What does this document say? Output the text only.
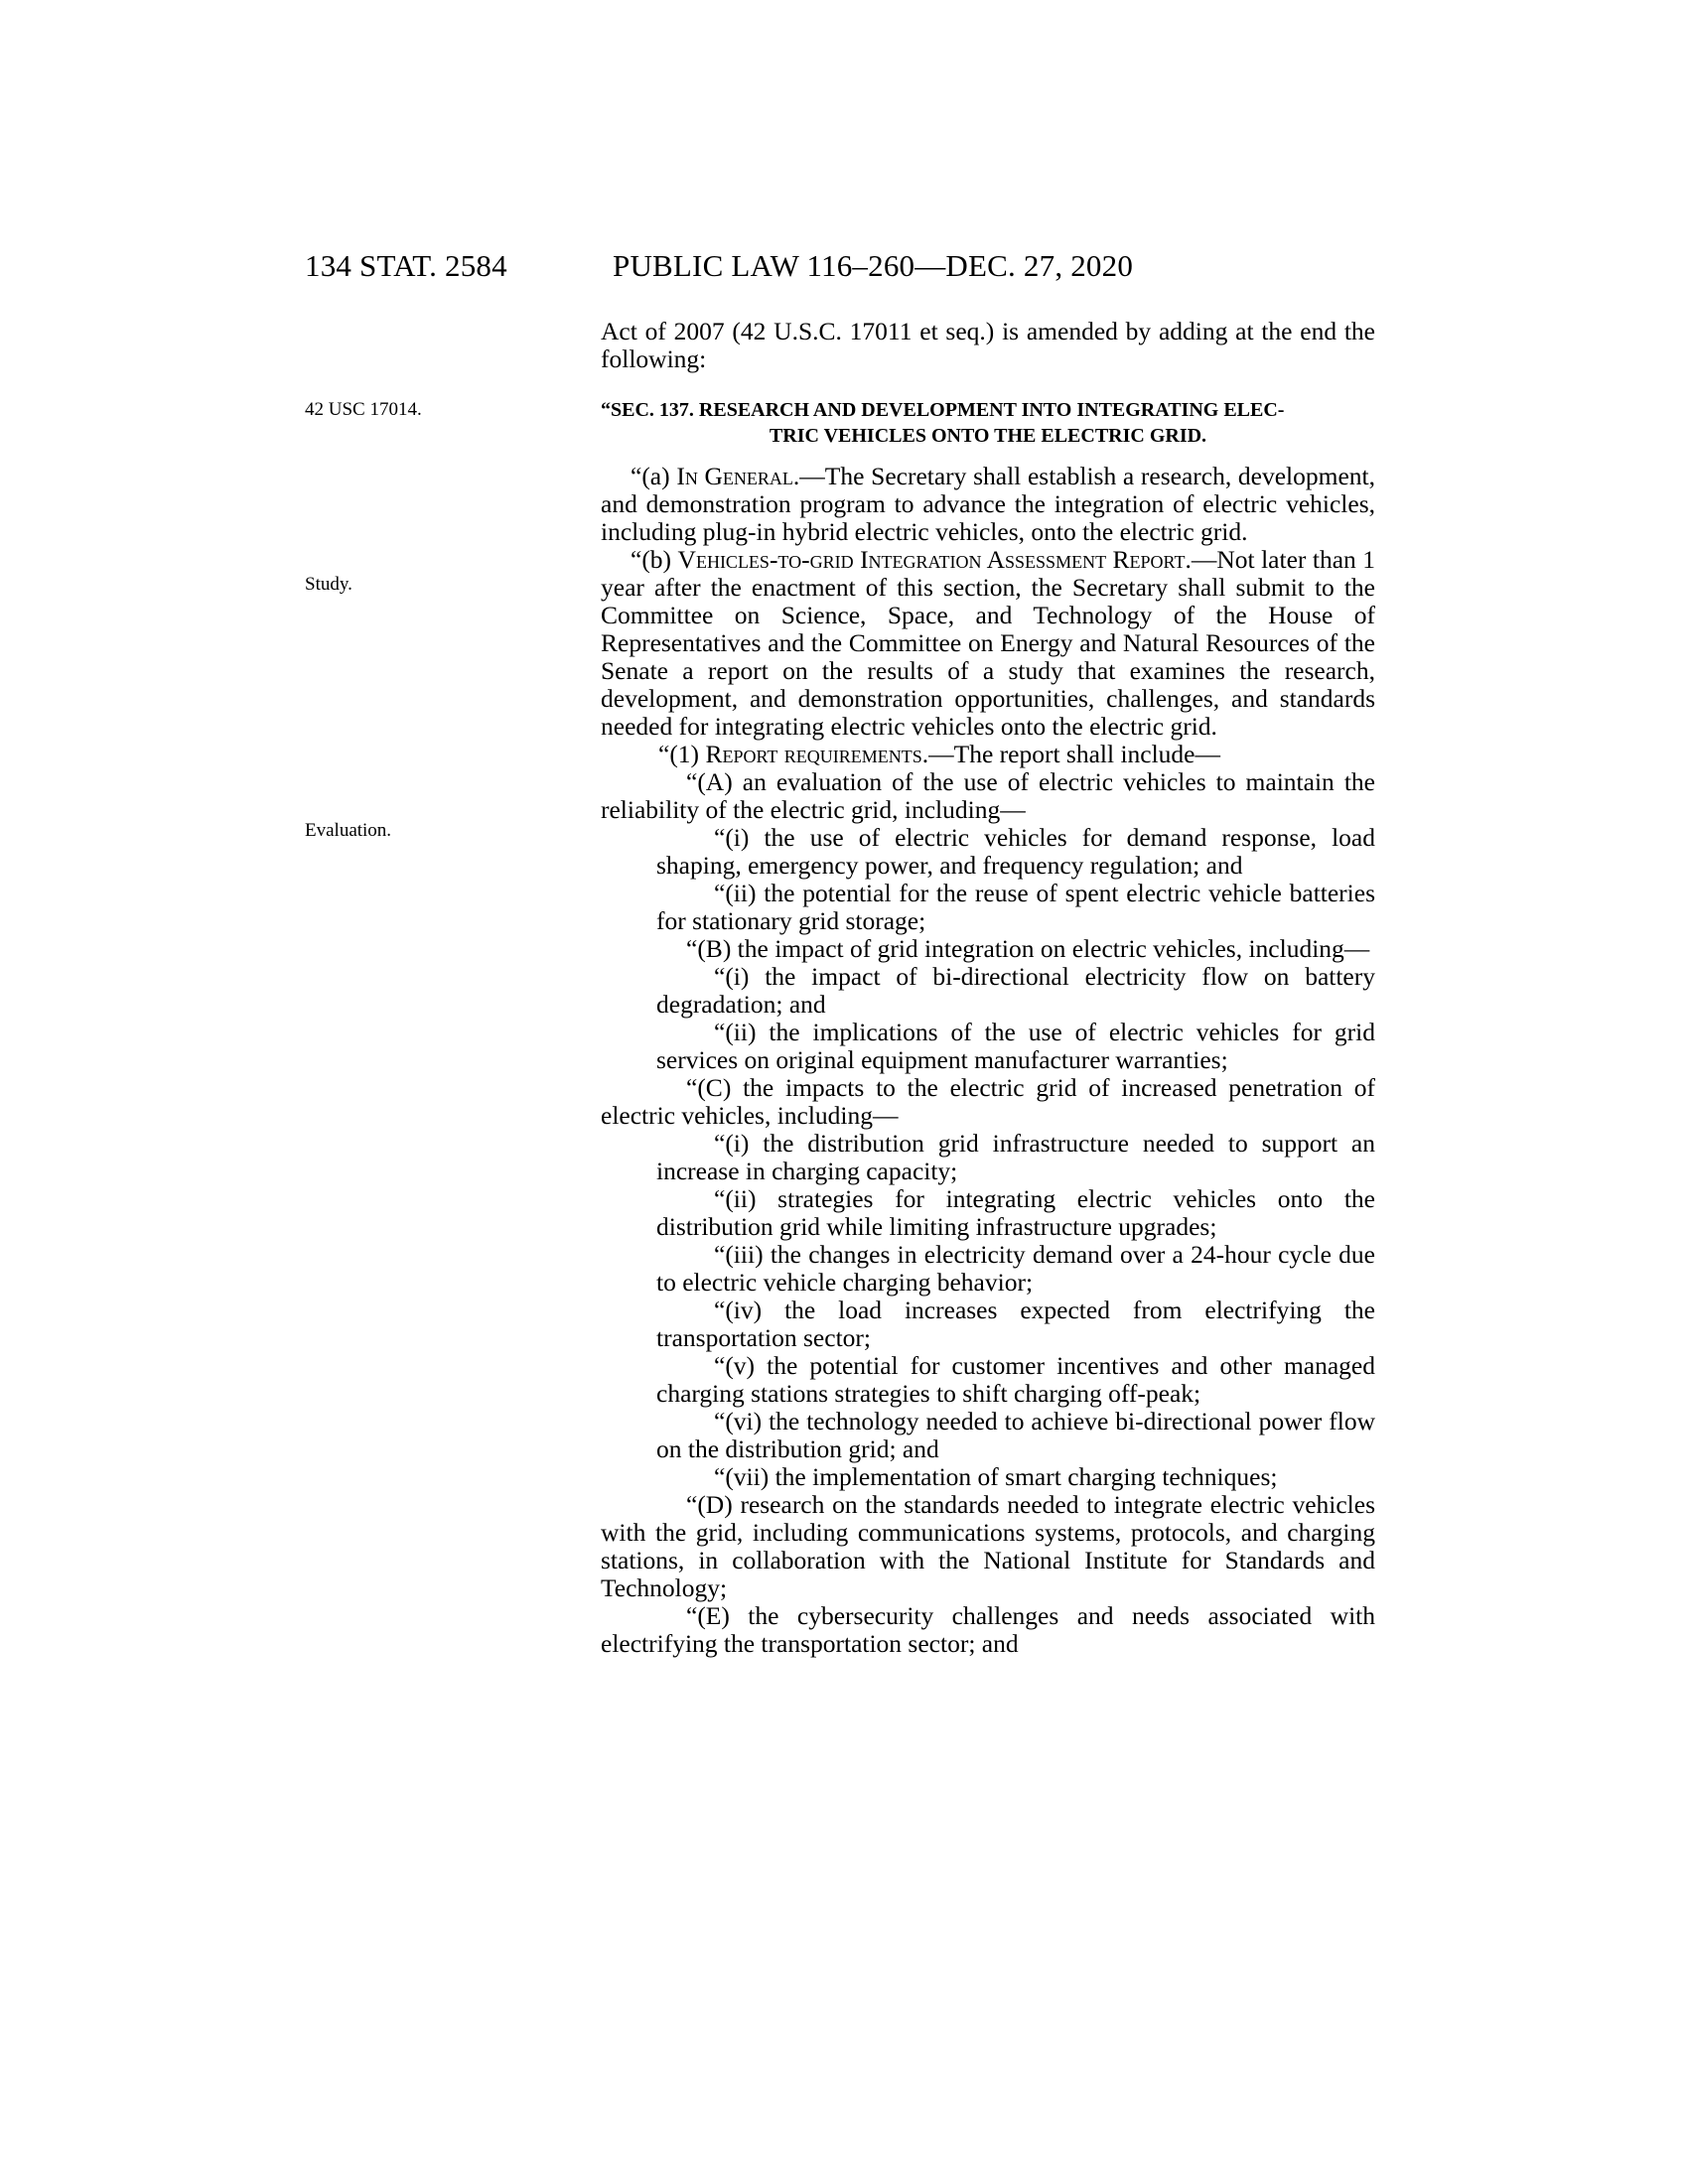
134 STAT. 2584	PUBLIC LAW 116–260—DEC. 27, 2020
42 USC 17014.
Study.
Evaluation.

Act of 2007 (42 U.S.C. 17011 et seq.) is amended by adding at the end the following:

“SEC. 137. RESEARCH AND DEVELOPMENT INTO INTEGRATING ELEC-
TRIC VEHICLES ONTO THE ELECTRIC GRID.

“(a) In General.—The Secretary shall establish a research, development, and demonstration program to advance the integration of electric vehicles, including plug-in hybrid electric vehicles, onto the electric grid.

“(b) Vehicles-to-grid Integration Assessment Report.—Not later than 1 year after the enactment of this section, the Secretary shall submit to the Committee on Science, Space, and Technology of the House of Representatives and the Committee on Energy and Natural Resources of the Senate a report on the results of a study that examines the research, development, and demonstration opportunities, challenges, and standards needed for integrating electric vehicles onto the electric grid.

“(1) Report requirements.—The report shall include—

“(A) an evaluation of the use of electric vehicles to maintain the reliability of the electric grid, including—

“(i) the use of electric vehicles for demand response, load shaping, emergency power, and frequency regulation; and

“(ii) the potential for the reuse of spent electric vehicle batteries for stationary grid storage;

“(B) the impact of grid integration on electric vehicles, including—

“(i) the impact of bi-directional electricity flow on battery degradation; and

“(ii) the implications of the use of electric vehicles for grid services on original equipment manufacturer warranties;

“(C) the impacts to the electric grid of increased penetration of electric vehicles, including—

“(i) the distribution grid infrastructure needed to support an increase in charging capacity;

“(ii) strategies for integrating electric vehicles onto the distribution grid while limiting infrastructure upgrades;

“(iii) the changes in electricity demand over a 24-hour cycle due to electric vehicle charging behavior;

“(iv) the load increases expected from electrifying the transportation sector;

“(v) the potential for customer incentives and other managed charging stations strategies to shift charging off-peak;

“(vi) the technology needed to achieve bi-directional power flow on the distribution grid; and

“(vii) the implementation of smart charging techniques;

“(D) research on the standards needed to integrate electric vehicles with the grid, including communications systems, protocols, and charging stations, in collaboration with the National Institute for Standards and Technology;

“(E) the cybersecurity challenges and needs associated with electrifying the transportation sector; and
